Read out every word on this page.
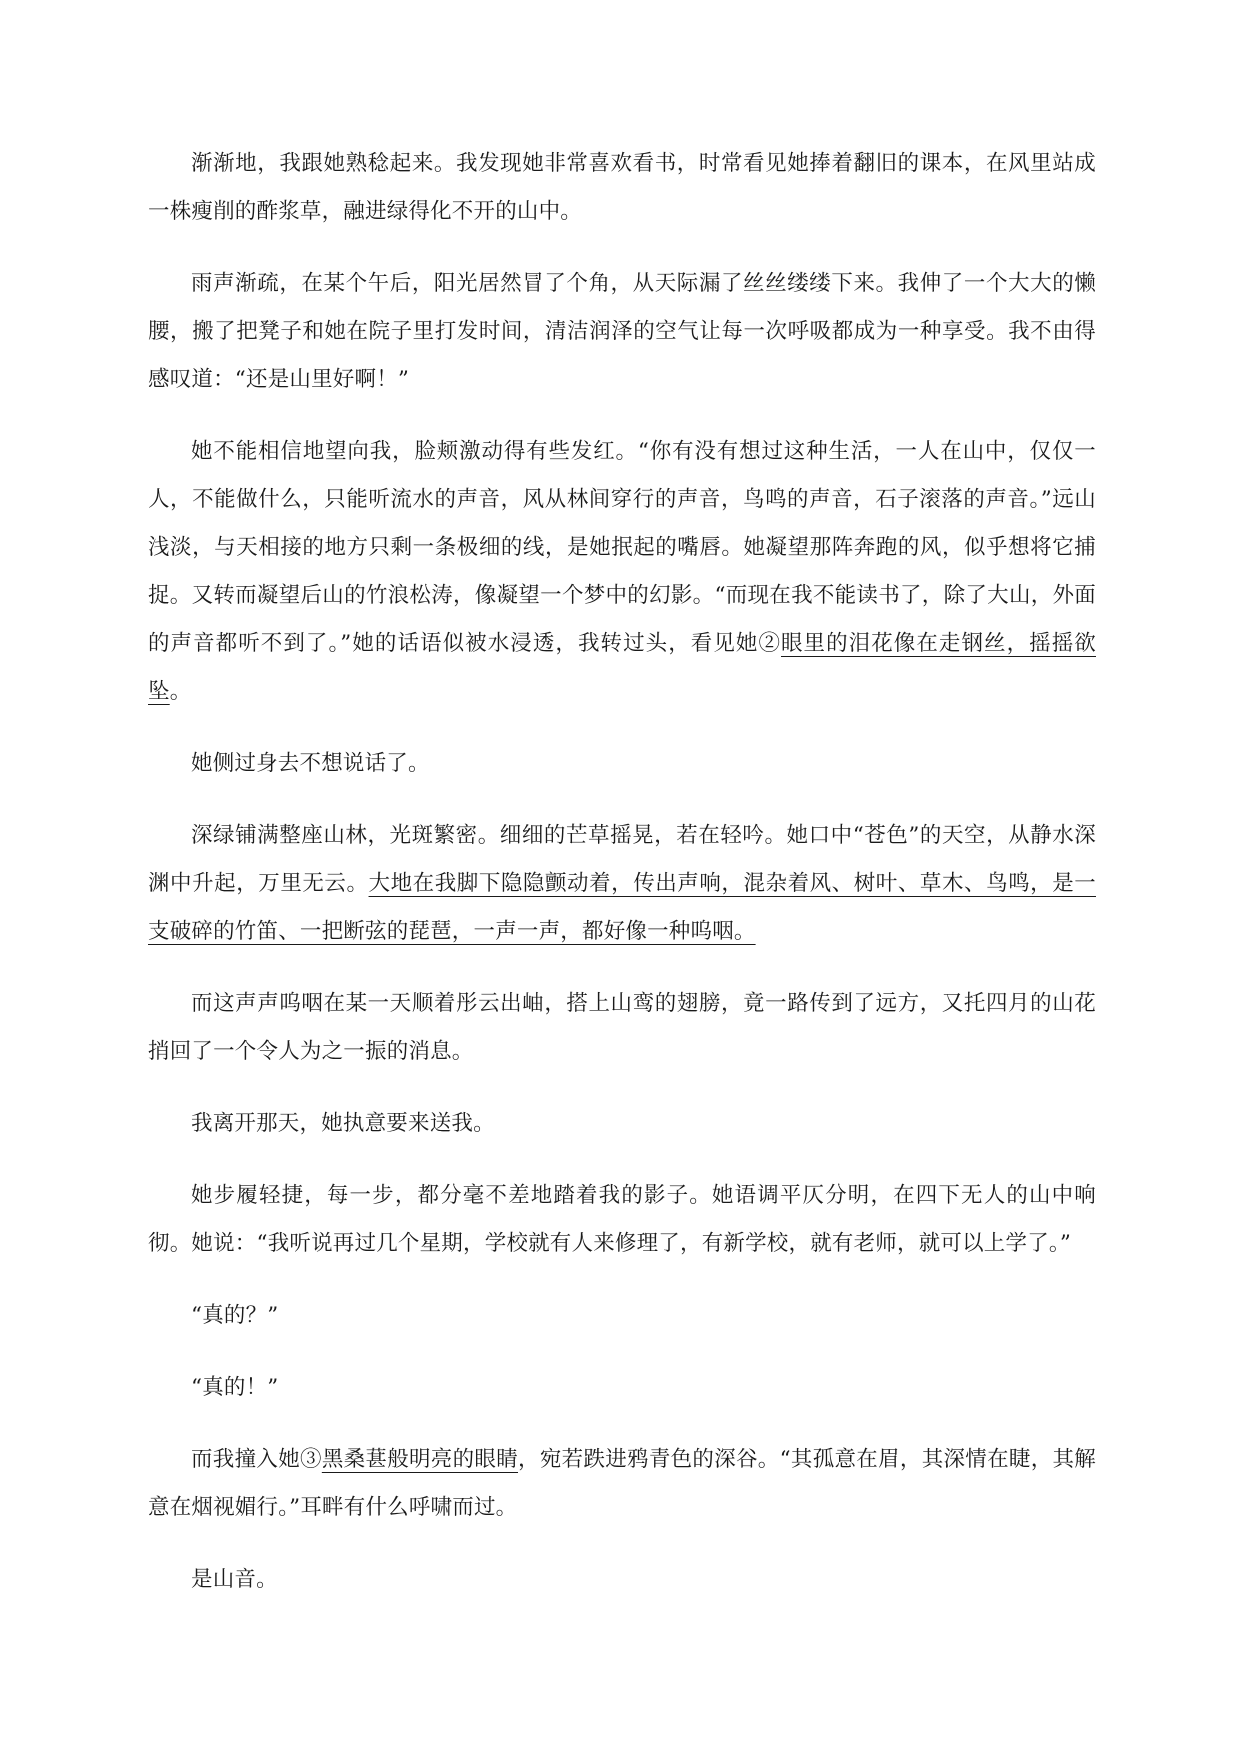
渐渐地，我跟她熟稔起来。我发现她非常喜欢看书，时常看见她捧着翻旧的课本，在风里站成一株瘦削的酢浆草，融进绿得化不开的山中。

雨声渐疏，在某个午后，阳光居然冒了个角，从天际漏了丝丝缕缕下来。我伸了一个大大的懒腰，搬了把凳子和她在院子里打发时间，清洁润泽的空气让每一次呼吸都成为一种享受。我不由得感叹道：“还是山里好啊！”

她不能相信地望向我，脸颊激动得有些发红。“你有没有想过这种生活，一人在山中，仅仅一人，不能做什么，只能听流水的声音，风从林间穿行的声音，鸟鸣的声音，石子滚落的声音。”远山浅淡，与天相接的地方只剩一条极细的线，是她抿起的嘴唇。她凝望那阵奔跑的风，似乎想将它捕捉。又转而凝望后山的竹浪松涛，像凝望一个梦中的幻影。“而现在我不能读书了，除了大山，外面的声音都听不到了。”她的话语似被水浸透，我转过头，看见她②眼里的泪花像在走钢丝，摇摇欲坠。

她侧过身去不想说话了。

深绿铺满整座山林，光斑繁密。细细的芒草摇晃，若在轻吟。她口中“苍色”的天空，从静水深渊中升起，万里无云。大地在我脚下隐隐颤动着，传出声响，混杂着风、树叶、草木、鸟鸣，是一支破碎的竹笛、一把断弦的琵琶，一声一声，都好像一种呜咽。

而这声声呜咽在某一天顺着彤云出岫，搭上山鸾的翅膀，竟一路传到了远方，又托四月的山花捎回了一个令人为之一振的消息。

我离开那天，她执意要来送我。

她步履轻捷，每一步，都分毫不差地踏着我的影子。她语调平仄分明，在四下无人的山中响彻。她说：“我听说再过几个星期，学校就有人来修理了，有新学校，就有老师，就可以上学了。”

“真的？”

“真的！”

而我撞入她③黑桑葚般明亮的眼睛，宛若跌进鸦青色的深谷。“其孤意在眉，其深情在睫，其解意在烟视媚行。”耳畔有什么呼啸而过。

是山音。
